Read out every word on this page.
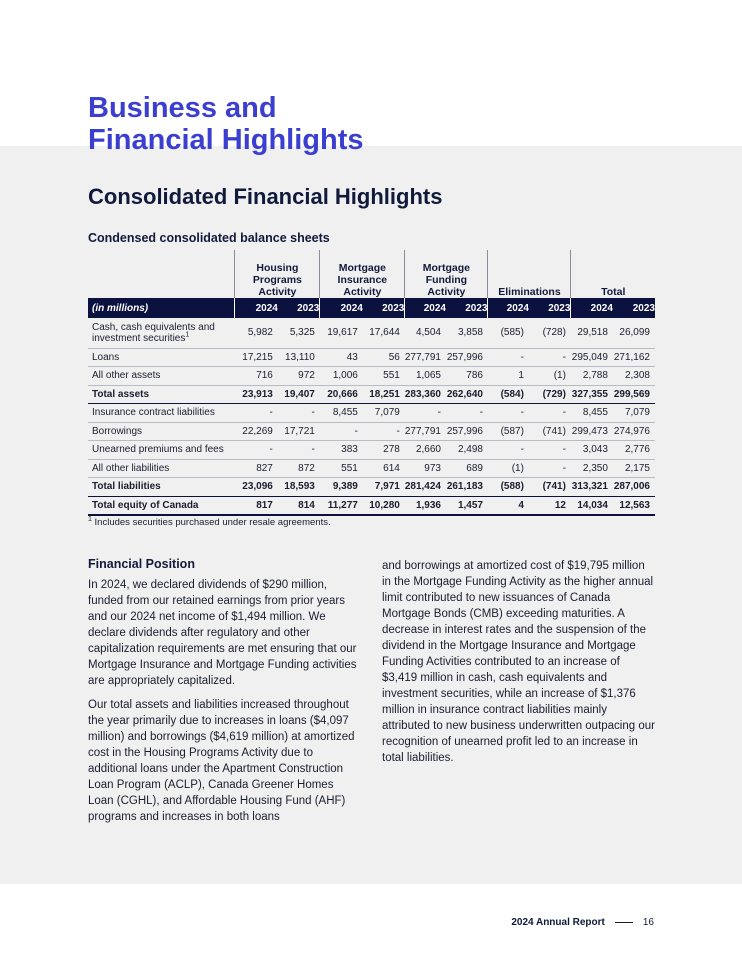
Business and
Financial Highlights
Consolidated Financial Highlights
Condensed consolidated balance sheets
	Housing
Programs
Activity		Mortgage
Insurance
Activity		Mortgage
Funding
Activity		Eliminations		Total	
(in millions)	2024	2023	2024	2023	2024	2023	2024	2023	2024	2023
Cash, cash equivalents and
investment securities$^1$	5,982	5,325	19,617	17,644	4,504	3,858	(585)	(728)	29,518	26,099
Loans	17,215	13,110	43	56	277,791	257,996	-	-	295,049	271,162
All other assets	716	972	1,006	551	1,065	786	1	(1)	2,788	2,308
Total assets	23,913	19,407	20,666	18,251	283,360	262,640	(584)	(729)	327,355	299,569
Insurance contract liabilities	-	-	8,455	7,079	-	-	-	-	8,455	7,079
Borrowings	22,269	17,721	-	-	277,791	257,996	(587)	(741)	299,473	274,976
Unearned premiums and fees	-	-	383	278	2,660	2,498	-	-	3,043	2,776
All other liabilities	827	872	551	614	973	689	(1)	-	2,350	2,175
Total liabilities	23,096	18,593	9,389	7,971	281,424	261,183	(588)	(741)	313,321	287,006
Total equity of Canada	817	814	11,277	10,280	1,936	1,457	4	12	14,034	12,563
$^1$ Includes securities purchased under resale agreements.
Financial Position

In 2024, we declared dividends of $290 million, funded from our retained earnings from prior years and our 2024 net income of $1,494 million. We declare dividends after regulatory and other capitalization requirements are met ensuring that our Mortgage Insurance and Mortgage Funding activities are appropriately capitalized.

Our total assets and liabilities increased throughout the year primarily due to increases in loans ($4,097 million) and borrowings ($4,619 million) at amortized cost in the Housing Programs Activity due to additional loans under the Apartment Construction Loan Program (ACLP), Canada Greener Homes Loan (CGHL), and Affordable Housing Fund (AHF) programs and increases in both loans

and borrowings at amortized cost of $19,795 million in the Mortgage Funding Activity as the higher annual limit contributed to new issuances of Canada Mortgage Bonds (CMB) exceeding maturities. A decrease in interest rates and the suspension of the dividend in the Mortgage Insurance and Mortgage Funding Activities contributed to an increase of $3,419 million in cash, cash equivalents and investment securities, while an increase of $1,376 million in insurance contract liabilities mainly attributed to new business underwritten outpacing our recognition of unearned profit led to an increase in total liabilities.

2024 Annual Report	16
